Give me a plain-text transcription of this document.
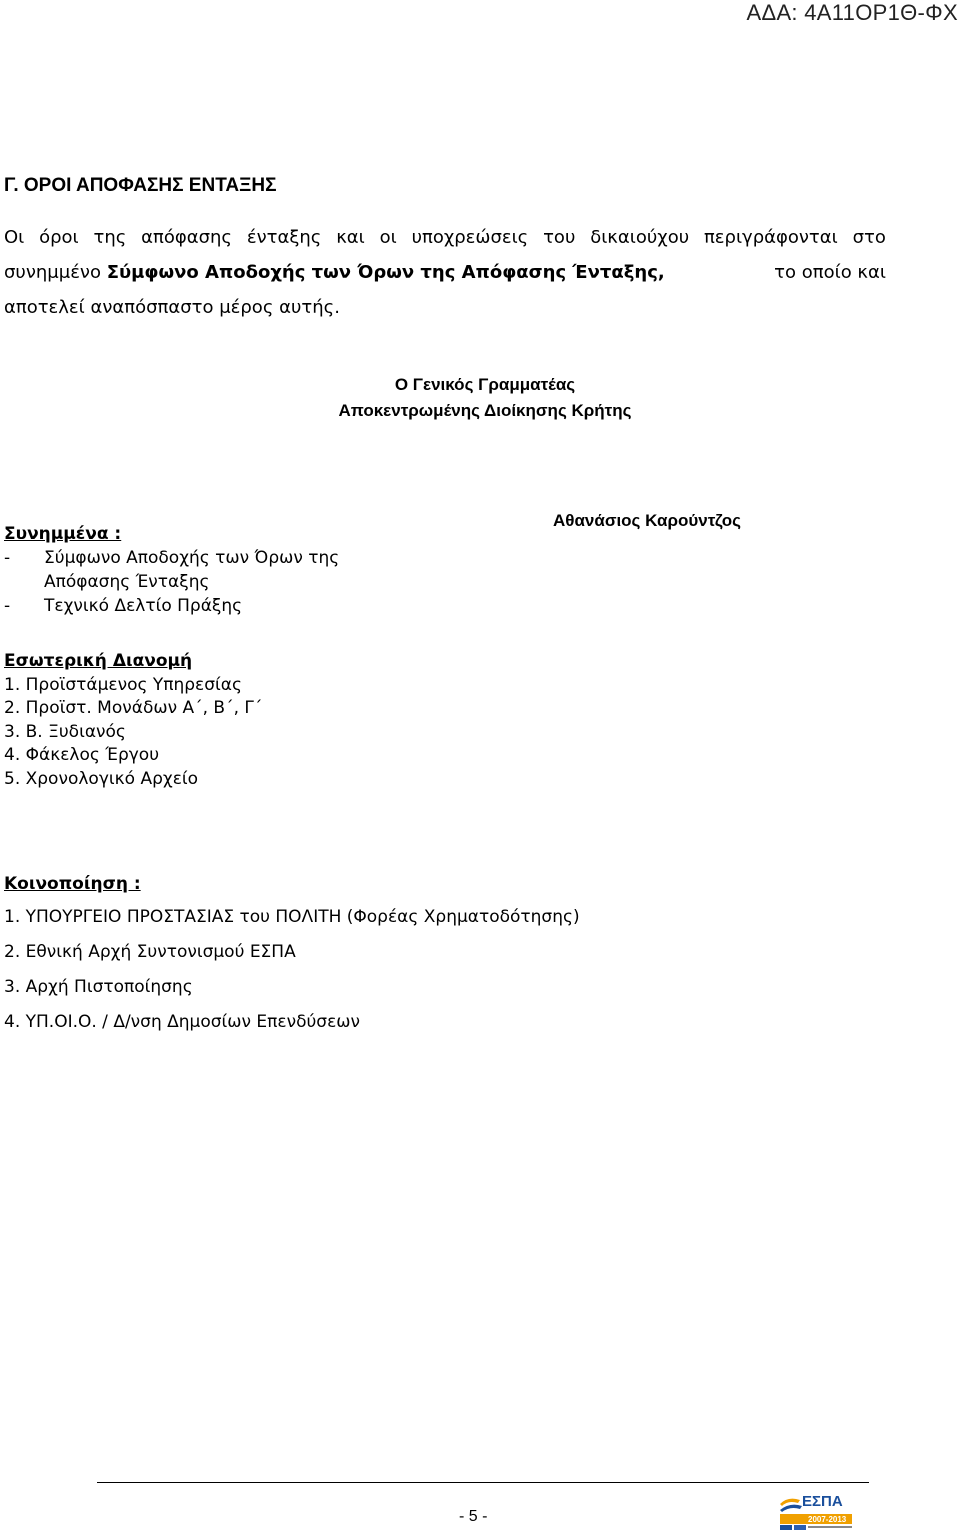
ΑΔΑ: 4Α11ΟΡ1Θ-ΦΧ
Γ. ΟΡΟΙ ΑΠΟΦΑΣΗΣ ΕΝΤΑΞΗΣ
Οι όροι της απόφασης ένταξης και οι υποχρεώσεις του δικαιούχου περιγράφονται στο
συνημμένο Σύμφωνο Αποδοχής των Όρων της Απόφασης Ένταξης,	το οποίο και
αποτελεί αναπόσπαστο μέρος αυτής.
Ο Γενικός Γραμματέας
Αποκεντρωμένης Διοίκησης Κρήτης
Αθανάσιος Καρούντζος
Συνημμένα :
-	Σύμφωνο Αποδοχής των Όρων της
Απόφασης Ένταξης
-	Τεχνικό Δελτίο Πράξης
Εσωτερική Διανομή
1. Προϊστάμενος Υπηρεσίας
2. Προϊστ. Μονάδων Α΄, Β΄, Γ΄
3. Β. Ξυδιανός
4. Φάκελος Έργου
5. Χρονολογικό Αρχείο
Κοινοποίηση :
1. ΥΠΟΥΡΓΕΙΟ ΠΡΟΣΤΑΣΙΑΣ του ΠΟΛΙΤΗ (Φορέας Χρηματοδότησης)
2. Εθνική Αρχή Συντονισμού ΕΣΠΑ
3. Αρχή Πιστοποίησης
4. ΥΠ.ΟΙ.Ο. / Δ/νση Δημοσίων Επενδύσεων
- 5 -
ΕΣΠΑ
2007-2013
